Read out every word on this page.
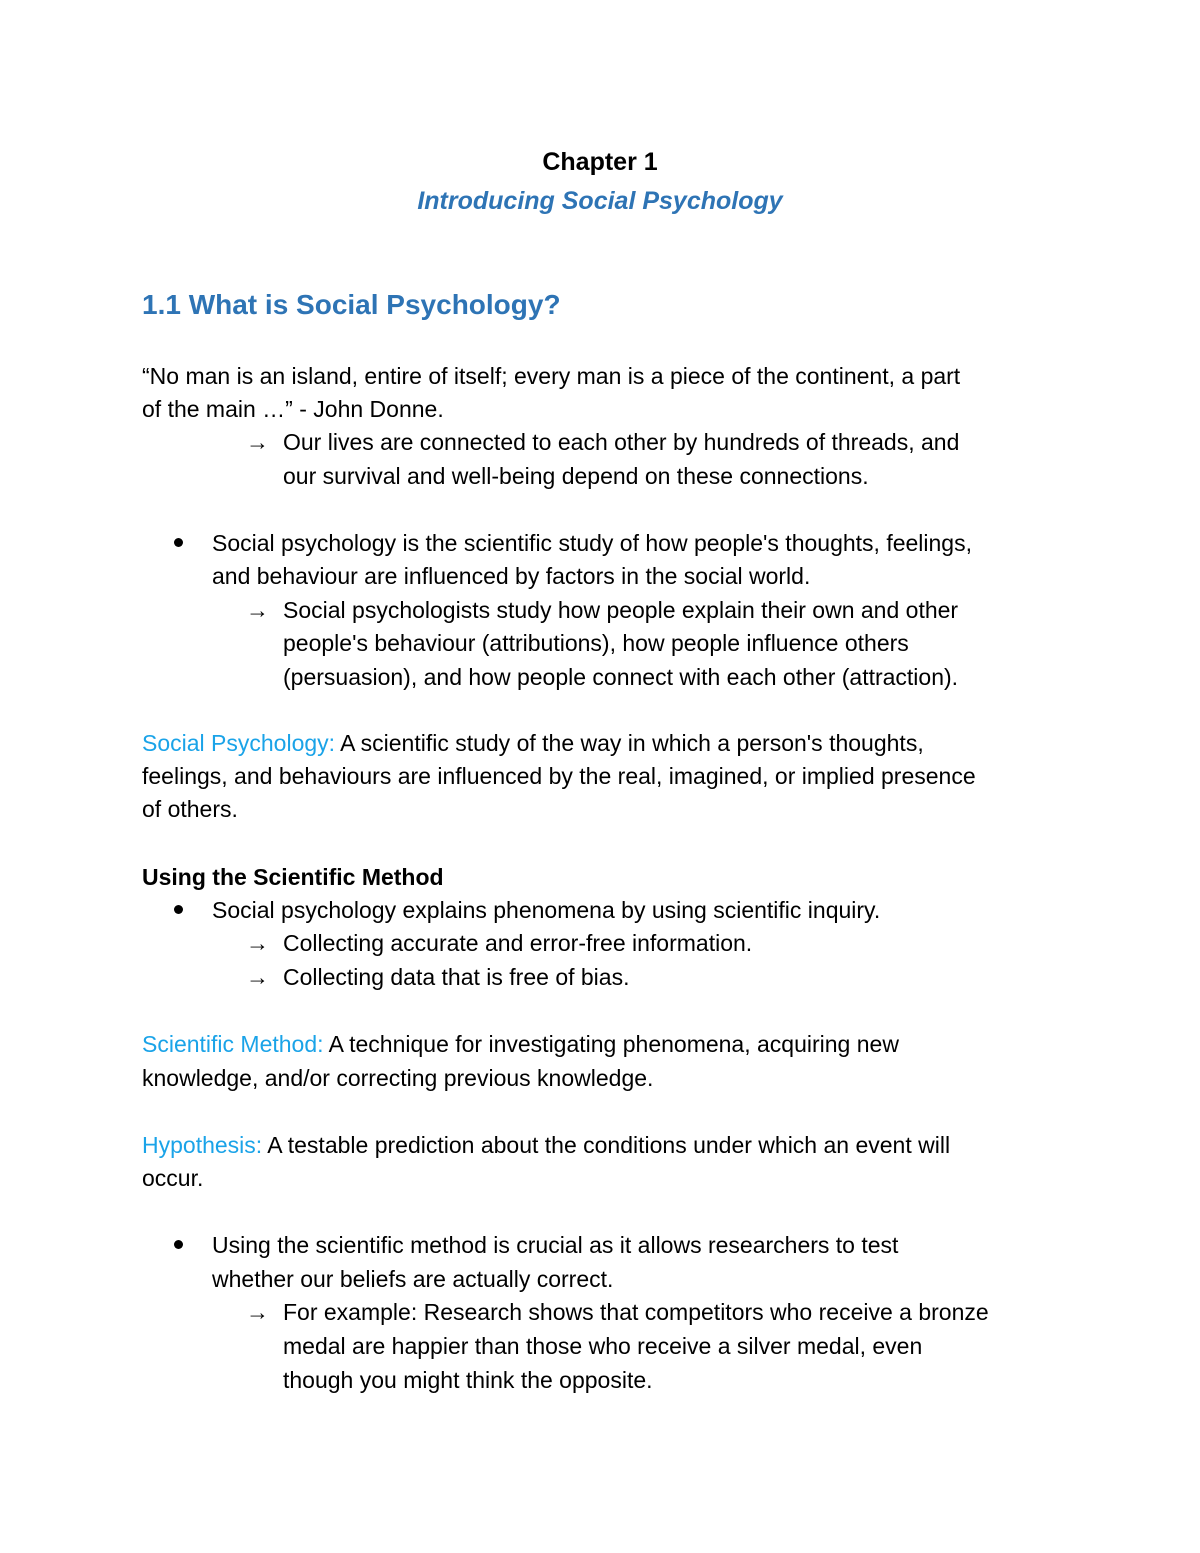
Chapter 1
Introducing Social Psychology
1.1 What is Social Psychology?
“No man is an island, entire of itself; every man is a piece of the continent, a part
of the main …” - John Donne.
→ Our lives are connected to each other by hundreds of threads, and
our survival and well-being depend on these connections.
Social psychology is the scientific study of how people's thoughts, feelings,
and behaviour are influenced by factors in the social world.
→ Social psychologists study how people explain their own and other
people's behaviour (attributions), how people influence others
(persuasion), and how people connect with each other (attraction).
Social Psychology: A scientific study of the way in which a person's thoughts,
feelings, and behaviours are influenced by the real, imagined, or implied presence
of others.
Using the Scientific Method
Social psychology explains phenomena by using scientific inquiry.
→ Collecting accurate and error-free information.
→ Collecting data that is free of bias.
Scientific Method: A technique for investigating phenomena, acquiring new
knowledge, and/or correcting previous knowledge.
Hypothesis: A testable prediction about the conditions under which an event will
occur.
Using the scientific method is crucial as it allows researchers to test
whether our beliefs are actually correct.
→ For example: Research shows that competitors who receive a bronze
medal are happier than those who receive a silver medal, even
though you might think the opposite.
